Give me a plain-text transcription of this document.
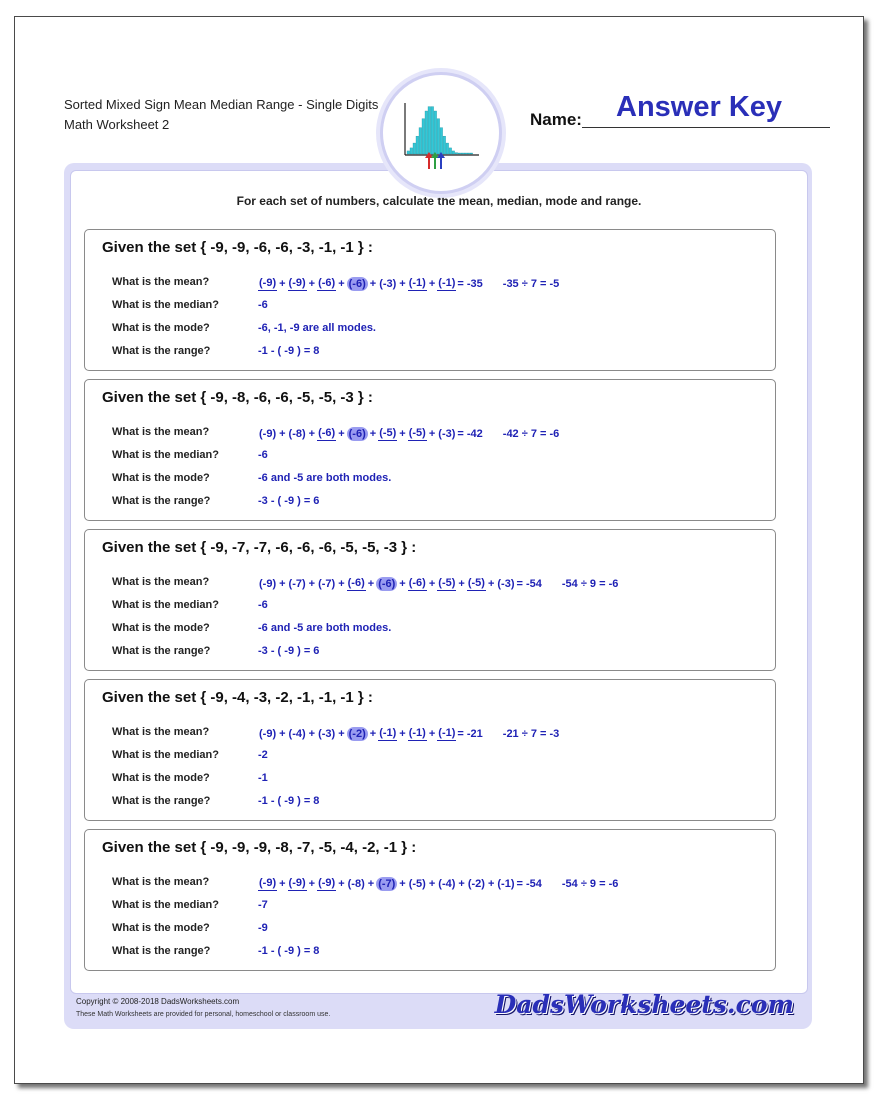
Sorted Mixed Sign Mean Median Range - Single Digits
Math Worksheet 2	Name: Answer Key
For each set of numbers, calculate the mean, median, mode and range.
Given the set { -9, -9, -6, -6, -3, -1, -1 } :
What is the mean?	(-9) + (-9) + (-6) + (-6) + (-3) + (-1) + (-1) = -35 -35 ÷ 7 = -5
What is the median?	-6
What is the mode?	-6, -1, -9 are all modes.
What is the range?	-1 - ( -9 ) = 8
Given the set { -9, -8, -6, -6, -5, -5, -3 } :
What is the mean?	(-9) + (-8) + (-6) + (-6) + (-5) + (-5) + (-3) = -42 -42 ÷ 7 = -6
What is the median?	-6
What is the mode?	-6 and -5 are both modes.
What is the range?	-3 - ( -9 ) = 6
Given the set { -9, -7, -7, -6, -6, -6, -5, -5, -3 } :
What is the mean?	(-9) + (-7) + (-7) + (-6) + (-6) + (-6) + (-5) + (-5) + (-3) = -54 -54 ÷ 9 = -6
What is the median?	-6
What is the mode?	-6 and -5 are both modes.
What is the range?	-3 - ( -9 ) = 6
Given the set { -9, -4, -3, -2, -1, -1, -1 } :
What is the mean?	(-9) + (-4) + (-3) + (-2) + (-1) + (-1) + (-1) = -21 -21 ÷ 7 = -3
What is the median?	-2
What is the mode?	-1
What is the range?	-1 - ( -9 ) = 8
Given the set { -9, -9, -9, -8, -7, -5, -4, -2, -1 } :
What is the mean?	(-9) + (-9) + (-9) + (-8) + (-7) + (-5) + (-4) + (-2) + (-1) = -54 -54 ÷ 9 = -6
What is the median?	-7
What is the mode?	-9
What is the range?	-1 - ( -9 ) = 8
Copyright © 2008-2018 DadsWorksheets.com
These Math Worksheets are provided for personal, homeschool or classroom use.	DadsWorksheets.com
